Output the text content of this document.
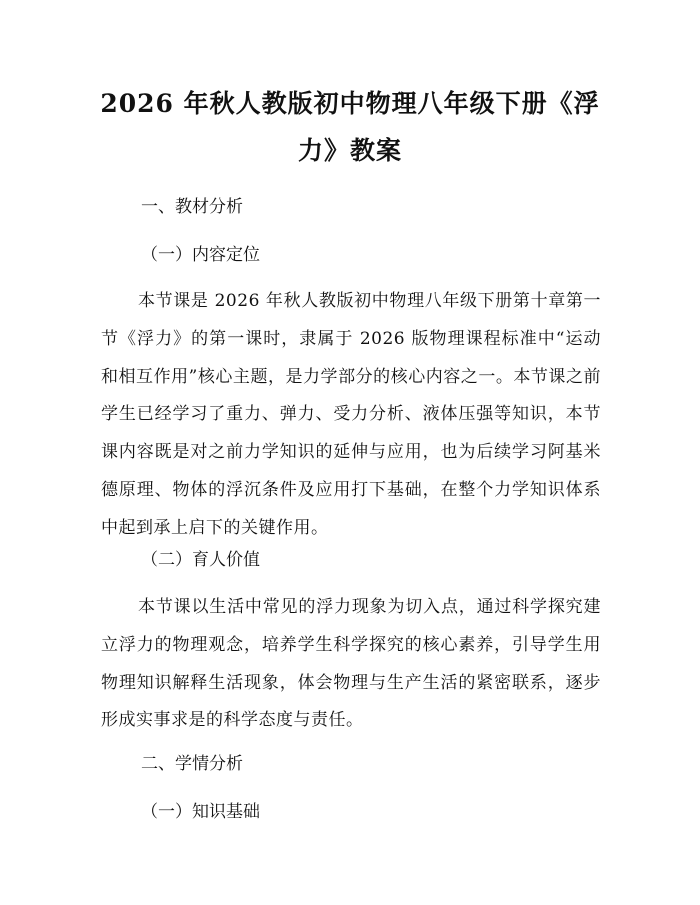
2026 年秋人教版初中物理八年级下册《浮
力》教案
一、教材分析
（一）内容定位
本节课是 2026 年秋人教版初中物理八年级下册第十章第一节《浮力》的第一课时，隶属于 2026 版物理课程标准中“运动和相互作用”核心主题，是力学部分的核心内容之一。本节课之前学生已经学习了重力、弹力、受力分析、液体压强等知识，本节课内容既是对之前力学知识的延伸与应用，也为后续学习阿基米德原理、物体的浮沉条件及应用打下基础，在整个力学知识体系中起到承上启下的关键作用。
（二）育人价值
本节课以生活中常见的浮力现象为切入点，通过科学探究建立浮力的物理观念，培养学生科学探究的核心素养，引导学生用物理知识解释生活现象，体会物理与生产生活的紧密联系，逐步形成实事求是的科学态度与责任。
二、学情分析
（一）知识基础
